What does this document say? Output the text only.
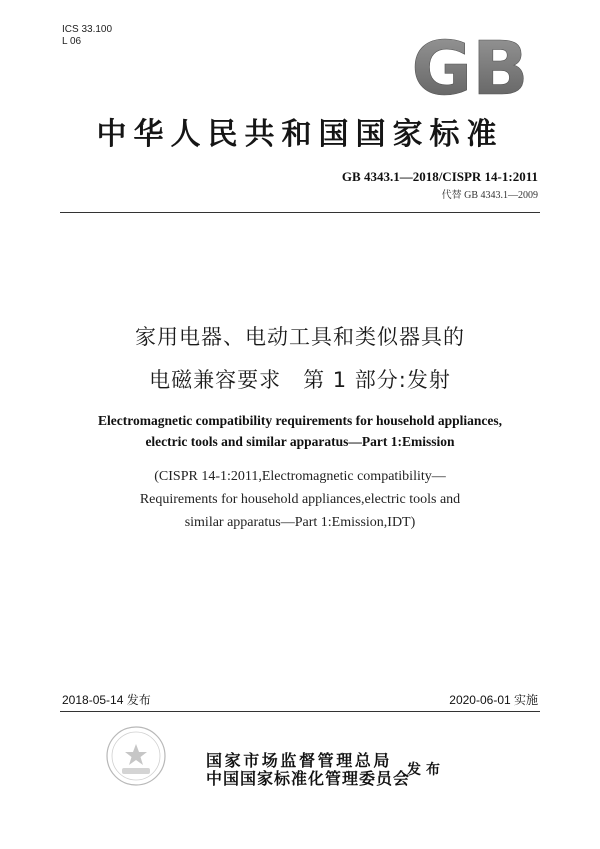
ICS 33.100
L 06	GB
中华人民共和国国家标准
GB 4343.1—2018/CISPR 14-1:2011
代替 GB 4343.1—2009
家用电器、电动工具和类似器具的
电磁兼容要求　第 1 部分:发射
Electromagnetic compatibility requirements for household appliances,
electric tools and similar apparatus—Part 1:Emission
(CISPR 14-1:2011,Electromagnetic compatibility—
Requirements for household appliances,electric tools and
similar apparatus—Part 1:Emission,IDT)
2018-05-14 发布	2020-06-01 实施
国家市场监督管理总局
中国国家标准化管理委员会
发布
